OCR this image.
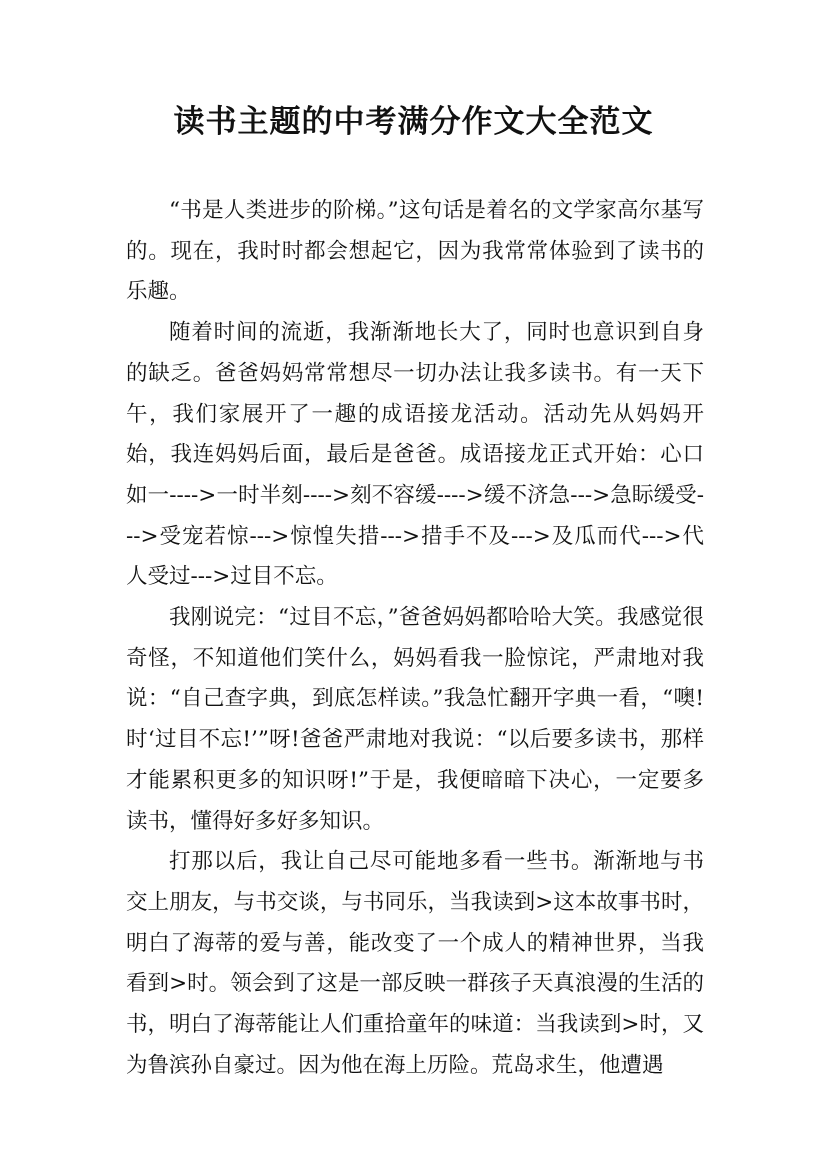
读书主题的中考满分作文大全范文

“书是人类进步的阶梯。”这句话是着名的文学家高尔基写的。现在，我时时都会想起它，因为我常常体验到了读书的乐趣。

随着时间的流逝，我渐渐地长大了，同时也意识到自身的缺乏。爸爸妈妈常常想尽一切办法让我多读书。有一天下午，我们家展开了一趣的成语接龙活动。活动先从妈妈开始，我连妈妈后面，最后是爸爸。成语接龙正式开始：心口如一---->一时半刻---->刻不容缓---->缓不济急--->急眎缓受--->受宠若惊--->惊惶失措--->措手不及--->及瓜而代--->代人受过--->过目不忘。

我刚说完：“过目不忘，”爸爸妈妈都哈哈大笑。我感觉很奇怪，不知道他们笑什么，妈妈看我一脸惊诧，严肃地对我说：“自己查字典，到底怎样读。”我急忙翻开字典一看，“噢!时‘过目不忘!’”呀!爸爸严肃地对我说：“以后要多读书，那样才能累积更多的知识呀!”于是，我便暗暗下决心，一定要多读书，懂得好多好多知识。

打那以后，我让自己尽可能地多看一些书。渐渐地与书交上朋友，与书交谈，与书同乐，当我读到>这本故事书时，明白了海蒂的爱与善，能改变了一个成人的精神世界，当我看到>时。领会到了这是一部反映一群孩子天真浪漫的生活的书，明白了海蒂能让人们重拾童年的味道：当我读到>时，又为鲁滨孙自豪过。因为他在海上历险。荒岛求生，他遭遇
